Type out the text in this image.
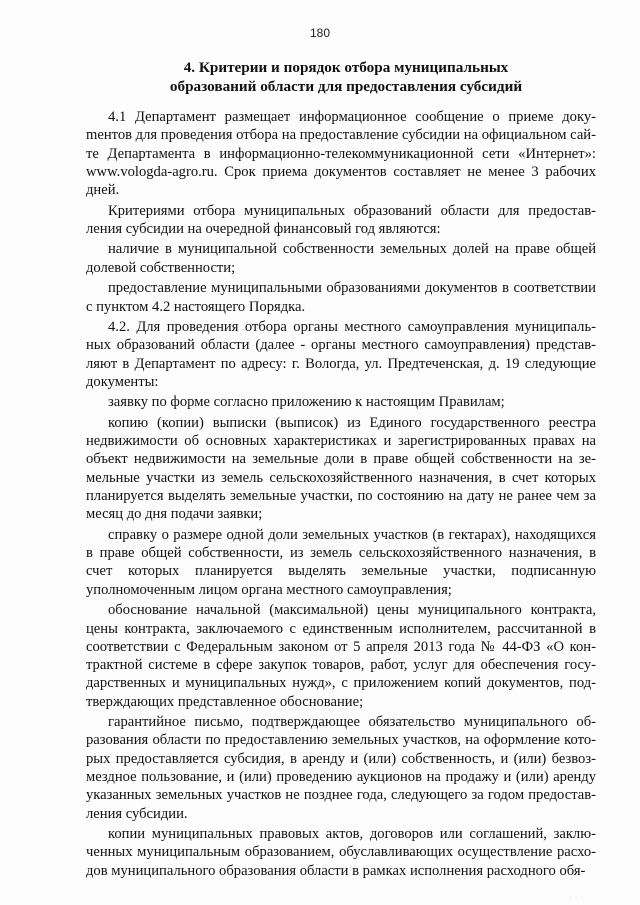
180
4. Критерии и порядок отбора муниципальных
образований области для предоставления субсидий

4.1 Департамент размещает информационное сообщение о приеме докуmентов для проведения отбора на предоставление субсидии на официальном сайте Департамента в информационно-телекоммуникационной сети «Интернет»: www.vologda-agro.ru. Срок приема документов составляет не менее 3 рабочих дней.

Критериями отбора муниципальных образований области для предоставления субсидии на очередной финансовый год являются:

наличие в муниципальной собственности земельных долей на праве общей долевой собственности;

предоставление муниципальными образованиями документов в соответствии с пунктом 4.2 настоящего Порядка.

4.2. Для проведения отбора органы местного самоуправления муниципальных образований области (далее - органы местного самоуправления) представляют в Департамент по адресу: г. Вологда, ул. Предтеченская, д. 19 следующие документы:

заявку по форме согласно приложению к настоящим Правилам;

копию (копии) выписки (выписок) из Единого государственного реестра недвижимости об основных характеристиках и зарегистрированных правах на объект недвижимости на земельные доли в праве общей собственности на земельные участки из земель сельскохозяйственного назначения, в счет которых планируется выделять земельные участки, по состоянию на дату не ранее чем за месяц до дня подачи заявки;

справку о размере одной доли земельных участков (в гектарах), находящихся в праве общей собственности, из земель сельскохозяйственного назначения, в счет которых планируется выделять земельные участки, подписанную уполномоченным лицом органа местного самоуправления;

обоснование начальной (максимальной) цены муниципального контракта, цены контракта, заключаемого с единственным исполнителем, рассчитанной в соответствии с Федеральным законом от 5 апреля 2013 года № 44-ФЗ «О контрактной системе в сфере закупок товаров, работ, услуг для обеспечения государственных и муниципальных нужд», с приложением копий документов, подтверждающих представленное обоснование;

гарантийное письмо, подтверждающее обязательство муниципального образования области по предоставлению земельных участков, на оформление которых предоставляется субсидия, в аренду и (или) собственность, и (или) безвозмездное пользование, и (или) проведению аукционов на продажу и (или) аренду указанных земельных участков не позднее года, следующего за годом предоставления субсидии.

копии муниципальных правовых актов, договоров или соглашений, заключенных муниципальным образованием, обуславливающих осуществление расходов муниципального образования области в рамках исполнения расходного обя-

· · ·
